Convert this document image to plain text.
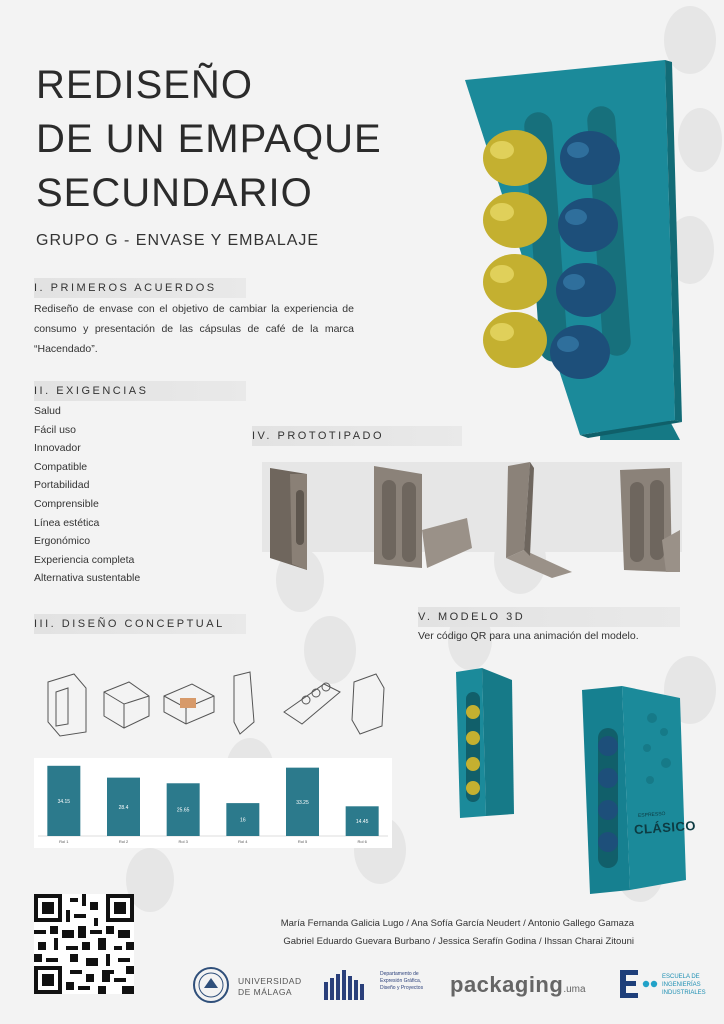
REDISEÑO
DE UN EMPAQUE
SECUNDARIO
GRUPO G - ENVASE Y EMBALAJE
I. PRIMEROS ACUERDOS
Rediseño de envase con el objetivo de cambiar la experiencia de consumo y presentación de las cápsulas de café de la marca “Hacendado”.
II. EXIGENCIAS
Salud
Fácil uso
Innovador
Compatible
Portabilidad
Comprensible
Línea estética
Ergonómico
Experiencia completa
Alternativa sustentable
IV. PROTOTIPADO
III. DISEÑO CONCEPTUAL
34.15
Rol 1
28.4
Rol 2
25.65
Rol 3
16
Rol 4
33.25
Rol 5
14.45
Rol 6
V. MODELO 3D
Ver código QR para una animación del modelo.
ESPRESSO
CLÁSICO
María Fernanda Galicia Lugo / Ana Sofía García Neudert / Antonio Gallego Gamaza
Gabriel Eduardo Guevara Burbano / Jessica Serafín Godina / Ihssan Charai Zitouni
UNIVERSIDAD
DE MÁLAGA
Departamento de
Expresión Gráfica,
Diseño y Proyectos packaging.uma
ESCUELA DE
INGENIERÍAS
INDUSTRIALES
